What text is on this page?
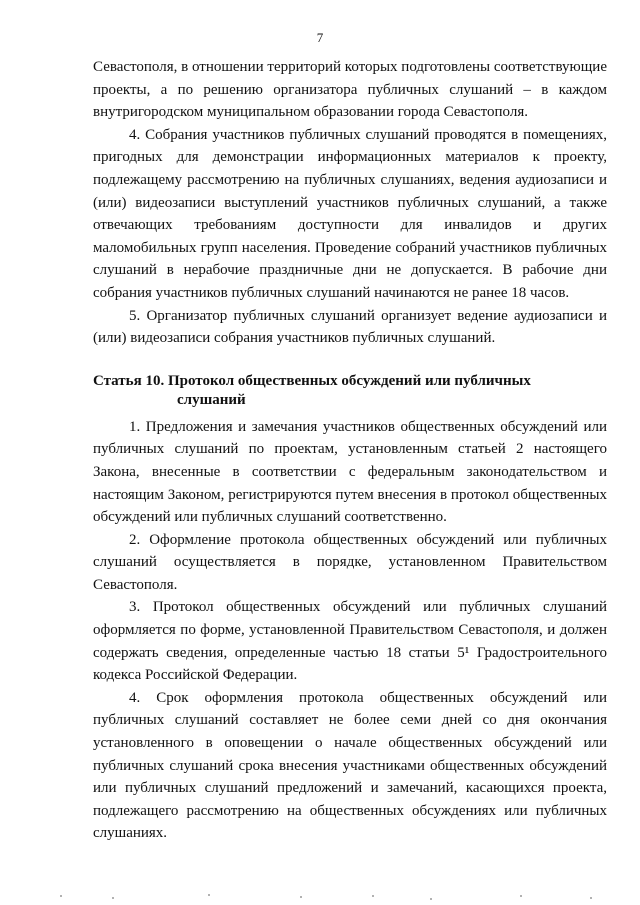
7

Севастополя, в отношении территорий которых подготовлены соответствующие проекты, а по решению организатора публичных слушаний – в каждом внутригородском муниципальном образовании города Севастополя.

4. Собрания участников публичных слушаний проводятся в помещениях, пригодных для демонстрации информационных материалов к проекту, подлежащему рассмотрению на публичных слушаниях, ведения аудиозаписи и (или) видеозаписи выступлений участников публичных слушаний, а также отвечающих требованиям доступности для инвалидов и других маломобильных групп населения. Проведение собраний участников публичных слушаний в нерабочие праздничные дни не допускается. В рабочие дни собрания участников публичных слушаний начинаются не ранее 18 часов.

5. Организатор публичных слушаний организует ведение аудиозаписи и (или) видеозаписи собрания участников публичных слушаний.

Статья 10. Протокол общественных обсуждений или публичных
слушаний

1. Предложения и замечания участников общественных обсуждений или публичных слушаний по проектам, установленным статьей 2 настоящего Закона, внесенные в соответствии с федеральным законодательством и настоящим Законом, регистрируются путем внесения в протокол общественных обсуждений или публичных слушаний соответственно.

2. Оформление протокола общественных обсуждений или публичных слушаний осуществляется в порядке, установленном Правительством Севастополя.

3. Протокол общественных обсуждений или публичных слушаний оформляется по форме, установленной Правительством Севастополя, и должен содержать сведения, определенные частью 18 статьи 5¹ Градостроительного кодекса Российской Федерации.

4. Срок оформления протокола общественных обсуждений или публичных слушаний составляет не более семи дней со дня окончания установленного в оповещении о начале общественных обсуждений или публичных слушаний срока внесения участниками общественных обсуждений или публичных слушаний предложений и замечаний, касающихся проекта, подлежащего рассмотрению на общественных обсуждениях или публичных слушаниях.
